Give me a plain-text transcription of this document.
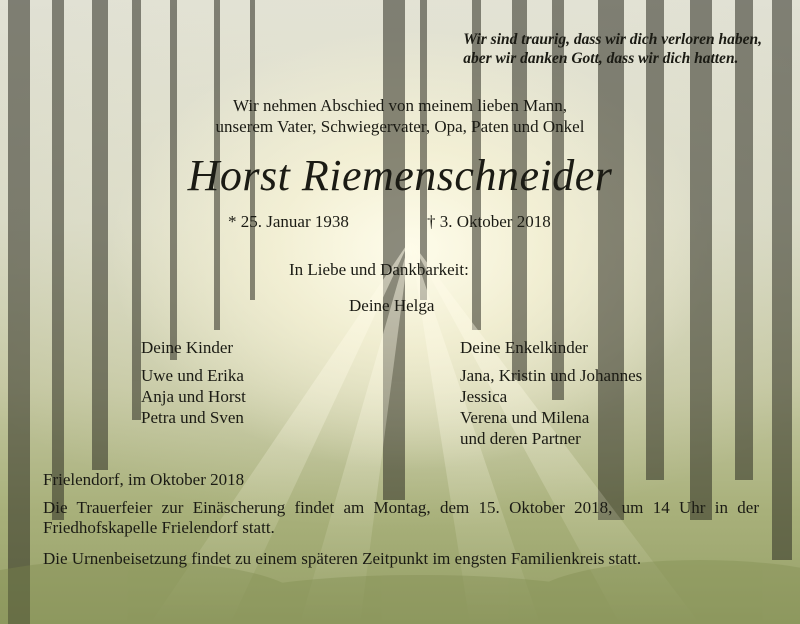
Wir sind traurig, dass wir dich verloren haben,
aber wir danken Gott, dass wir dich hatten.
Wir nehmen Abschied von meinem lieben Mann,
unserem Vater, Schwiegervater, Opa, Paten und Onkel
Horst Riemenschneider
* 25. Januar 1938	† 3. Oktober 2018
In Liebe und Dankbarkeit:
Deine Helga
Deine Kinder
Uwe und Erika
Anja und Horst
Petra und Sven
Deine Enkelkinder
Jana, Kristin und Johannes
Jessica
Verena und Milena
und deren Partner
Frielendorf, im Oktober 2018
Die Trauerfeier zur Einäscherung findet am Montag, dem 15. Oktober 2018, um 14 Uhr in der Friedhofskapelle Frielendorf statt.
Die Urnenbeisetzung findet zu einem späteren Zeitpunkt im engsten Familienkreis statt.
